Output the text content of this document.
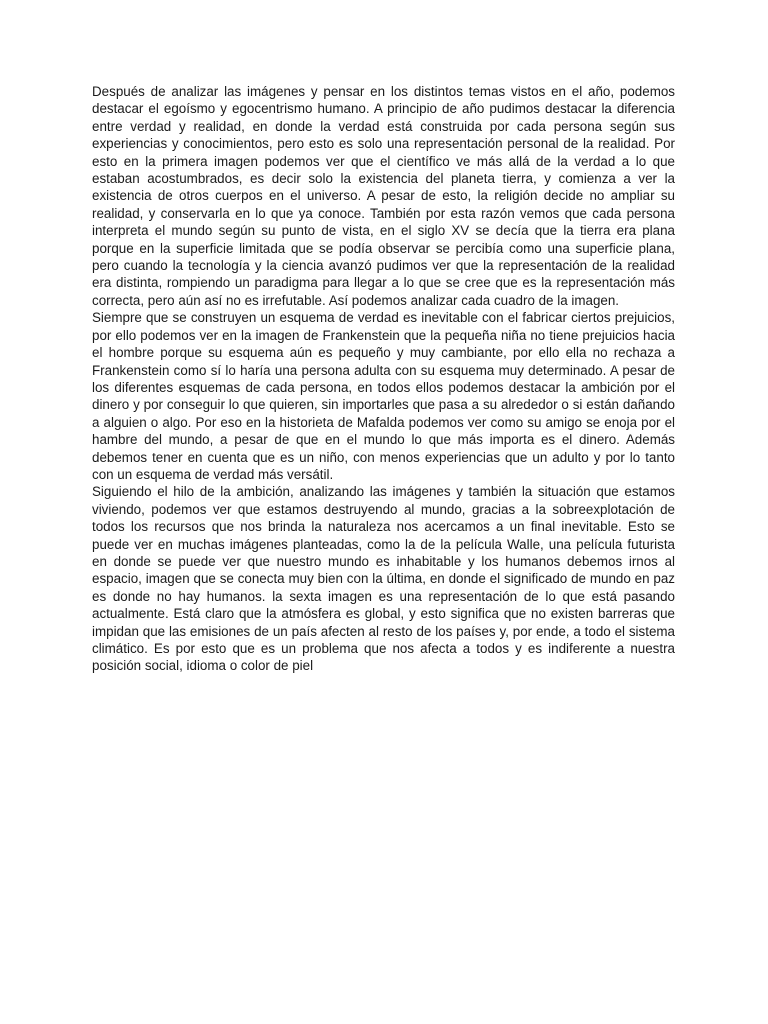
Después de analizar las imágenes y pensar en los distintos temas vistos en el año, podemos destacar el egoísmo y egocentrismo humano. A principio de año pudimos destacar la diferencia entre verdad y realidad, en donde la verdad está construida por cada persona según sus experiencias y conocimientos, pero esto es solo una representación personal de la realidad. Por esto en la primera imagen podemos ver que el científico ve más allá de la verdad a lo que estaban acostumbrados, es decir solo la existencia del planeta tierra, y comienza a ver la existencia de otros cuerpos en el universo. A pesar de esto, la religión decide no ampliar su realidad, y conservarla en lo que ya conoce. También por esta razón vemos que cada persona interpreta el mundo según su punto de vista, en el siglo XV se decía que la tierra era plana porque en la superficie limitada que se podía observar se percibía como una superficie plana, pero cuando la tecnología y la ciencia avanzó pudimos ver que la representación de la realidad era distinta, rompiendo un paradigma para llegar a lo que se cree que es la representación más correcta, pero aún así no es irrefutable. Así podemos analizar cada cuadro de la imagen.

Siempre que se construyen un esquema de verdad es inevitable con el fabricar ciertos prejuicios, por ello podemos ver en la imagen de Frankenstein que la pequeña niña no tiene prejuicios hacia el hombre porque su esquema aún es pequeño y muy cambiante, por ello ella no rechaza a Frankenstein como sí lo haría una persona adulta con su esquema muy determinado. A pesar de los diferentes esquemas de cada persona, en todos ellos podemos destacar la ambición por el dinero y por conseguir lo que quieren, sin importarles que pasa a su alrededor o si están dañando a alguien o algo. Por eso en la historieta de Mafalda podemos ver como su amigo se enoja por el hambre del mundo, a pesar de que en el mundo lo que más importa es el dinero. Además debemos tener en cuenta que es un niño, con menos experiencias que un adulto y por lo tanto con un esquema de verdad más versátil.

Siguiendo el hilo de la ambición, analizando las imágenes y también la situación que estamos viviendo, podemos ver que estamos destruyendo al mundo, gracias a la sobreexplotación de todos los recursos que nos brinda la naturaleza nos acercamos a un final inevitable. Esto se puede ver en muchas imágenes planteadas, como la de la película Walle, una película futurista en donde se puede ver que nuestro mundo es inhabitable y los humanos debemos irnos al espacio, imagen que se conecta muy bien con la última, en donde el significado de mundo en paz es donde no hay humanos. la sexta imagen es una representación de lo que está pasando actualmente. Está claro que la atmósfera es global, y esto significa que no existen barreras que impidan que las emisiones de un país afecten al resto de los países y, por ende, a todo el sistema climático. Es por esto que es un problema que nos afecta a todos y es indiferente a nuestra posición social, idioma o color de piel
